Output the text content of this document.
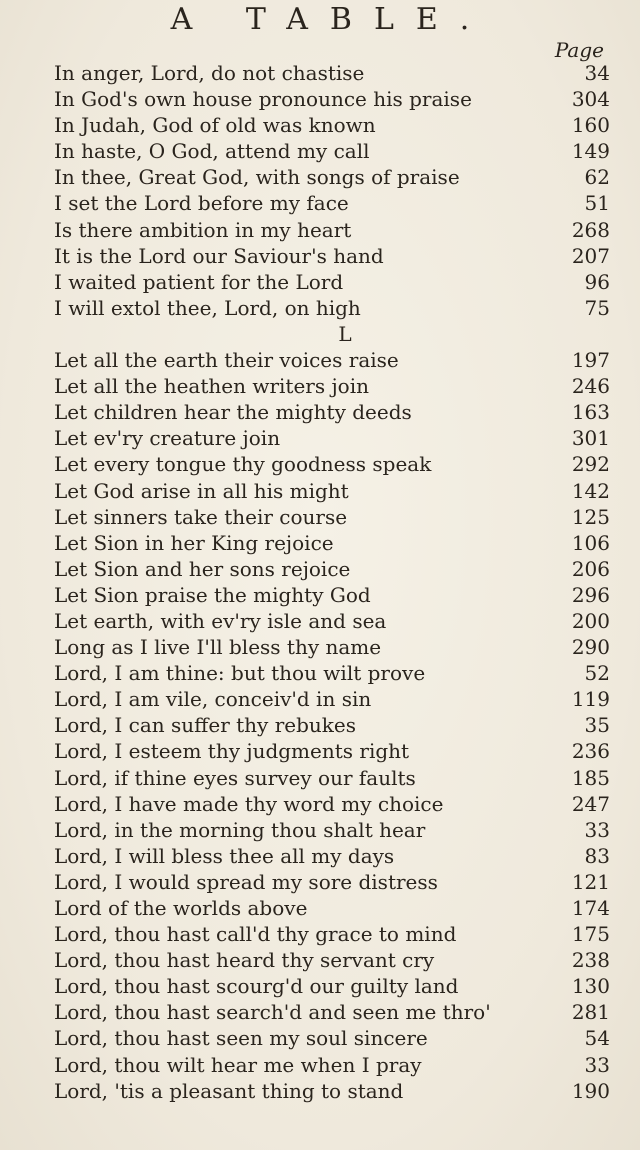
A TABLE.
Page
In anger, Lord, do not chastise	34
In God's own house pronounce his praise	304
In Judah, God of old was known	160
In haste, O God, attend my call	149
In thee, Great God, with songs of praise	62
I set the Lord before my face	51
Is there ambition in my heart	268
It is the Lord our Saviour's hand	207
I waited patient for the Lord	96
I will extol thee, Lord, on high	75
L
Let all the earth their voices raise	197
Let all the heathen writers join	246
Let children hear the mighty deeds	163
Let ev'ry creature join	301
Let every tongue thy goodness speak	292
Let God arise in all his might	142
Let sinners take their course	125
Let Sion in her King rejoice	106
Let Sion and her sons rejoice	206
Let Sion praise the mighty God	296
Let earth, with ev'ry isle and sea	200
Long as I live I'll bless thy name	290
Lord, I am thine: but thou wilt prove	52
Lord, I am vile, conceiv'd in sin	119
Lord, I can suffer thy rebukes	35
Lord, I esteem thy judgments right	236
Lord, if thine eyes survey our faults	185
Lord, I have made thy word my choice	247
Lord, in the morning thou shalt hear	33
Lord, I will bless thee all my days	83
Lord, I would spread my sore distress	121
Lord of the worlds above	174
Lord, thou hast call'd thy grace to mind	175
Lord, thou hast heard thy servant cry	238
Lord, thou hast scourg'd our guilty land	130
Lord, thou hast search'd and seen me thro'	281
Lord, thou hast seen my soul sincere	54
Lord, thou wilt hear me when I pray	33
Lord, 'tis a pleasant thing to stand	190
